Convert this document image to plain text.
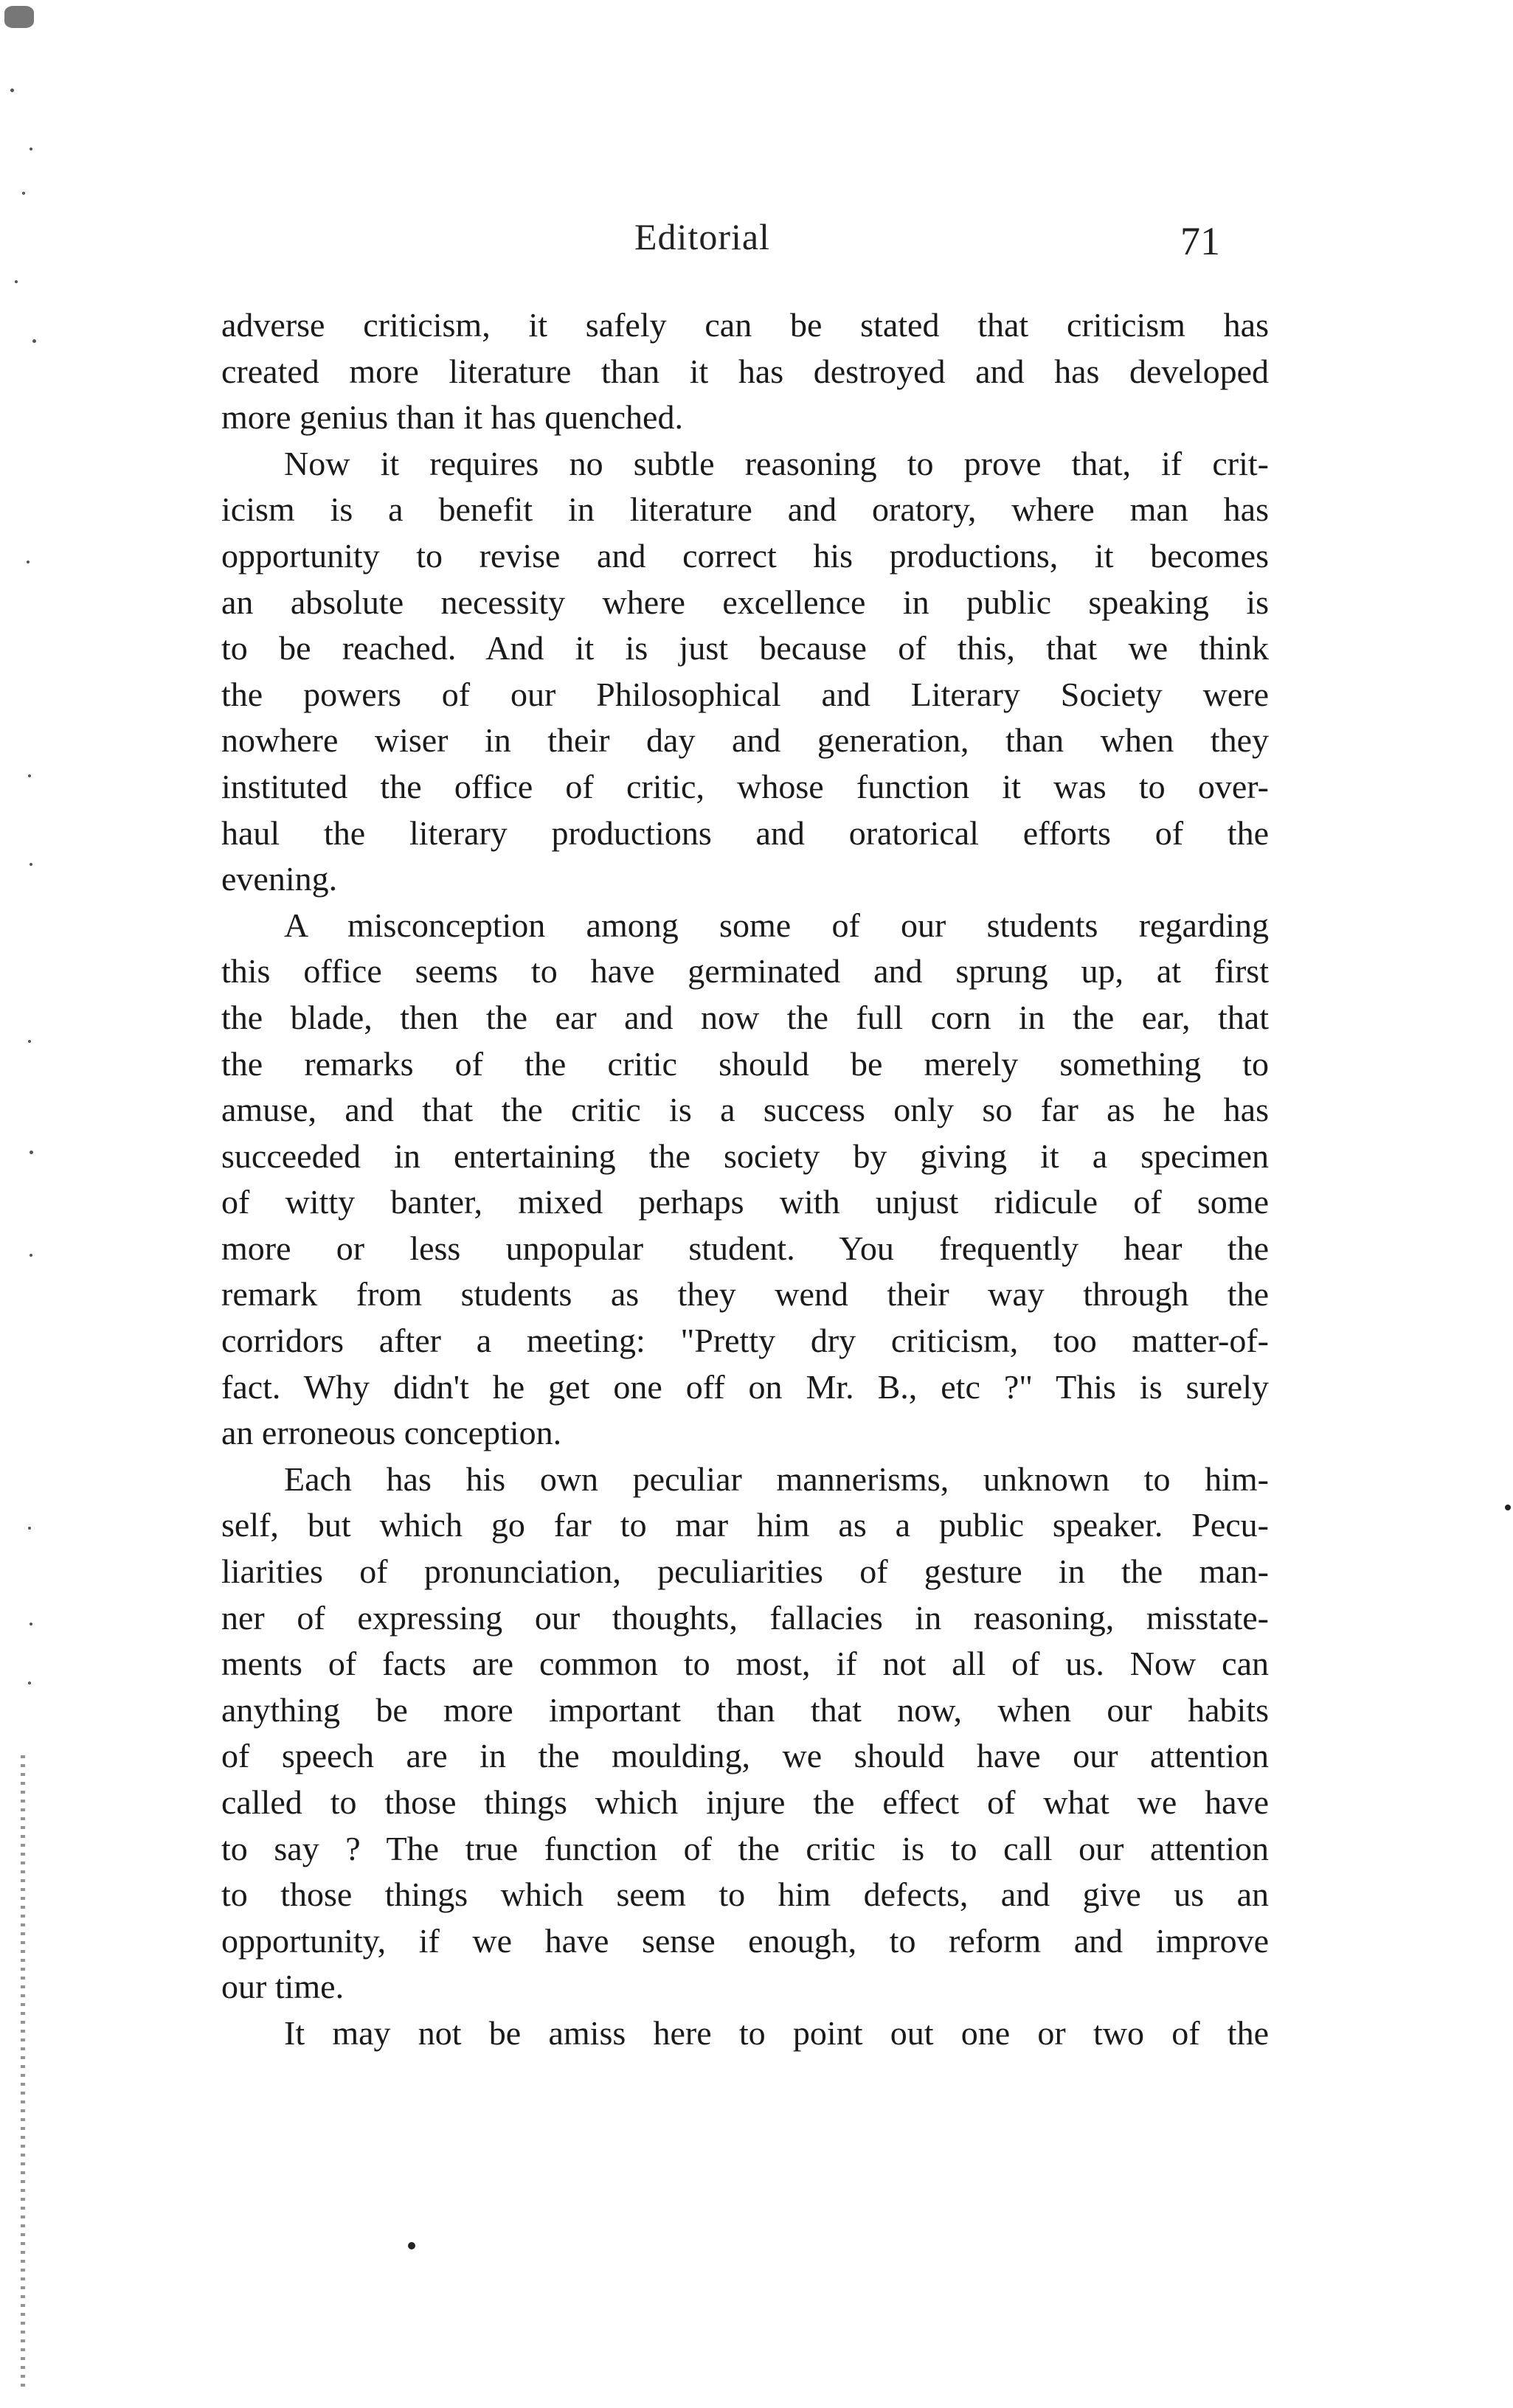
Editorial	71
adverse criticism, it safely can be stated that criticism has
created more literature than it has destroyed and has developed
more genius than it has quenched.
Now it requires no subtle reasoning to prove that, if crit-
icism is a benefit in literature and oratory, where man has
opportunity to revise and correct his productions, it becomes
an absolute necessity where excellence in public speaking is
to be reached. And it is just because of this, that we think
the powers of our Philosophical and Literary Society were
nowhere wiser in their day and generation, than when they
instituted the office of critic, whose function it was to over-
haul the literary productions and oratorical efforts of the
evening.
A misconception among some of our students regarding
this office seems to have germinated and sprung up, at first
the blade, then the ear and now the full corn in the ear, that
the remarks of the critic should be merely something to
amuse, and that the critic is a success only so far as he has
succeeded in entertaining the society by giving it a specimen
of witty banter, mixed perhaps with unjust ridicule of some
more or less unpopular student. You frequently hear the
remark from students as they wend their way through the
corridors after a meeting: "Pretty dry criticism, too matter-of-
fact. Why didn't he get one off on Mr. B., etc ?" This is surely
an erroneous conception.
Each has his own peculiar mannerisms, unknown to him-
self, but which go far to mar him as a public speaker. Pecu-
liarities of pronunciation, peculiarities of gesture in the man-
ner of expressing our thoughts, fallacies in reasoning, misstate-
ments of facts are common to most, if not all of us. Now can
anything be more important than that now, when our habits
of speech are in the moulding, we should have our attention
called to those things which injure the effect of what we have
to say ? The true function of the critic is to call our attention
to those things which seem to him defects, and give us an
opportunity, if we have sense enough, to reform and improve
our time.
It may not be amiss here to point out one or two of the
